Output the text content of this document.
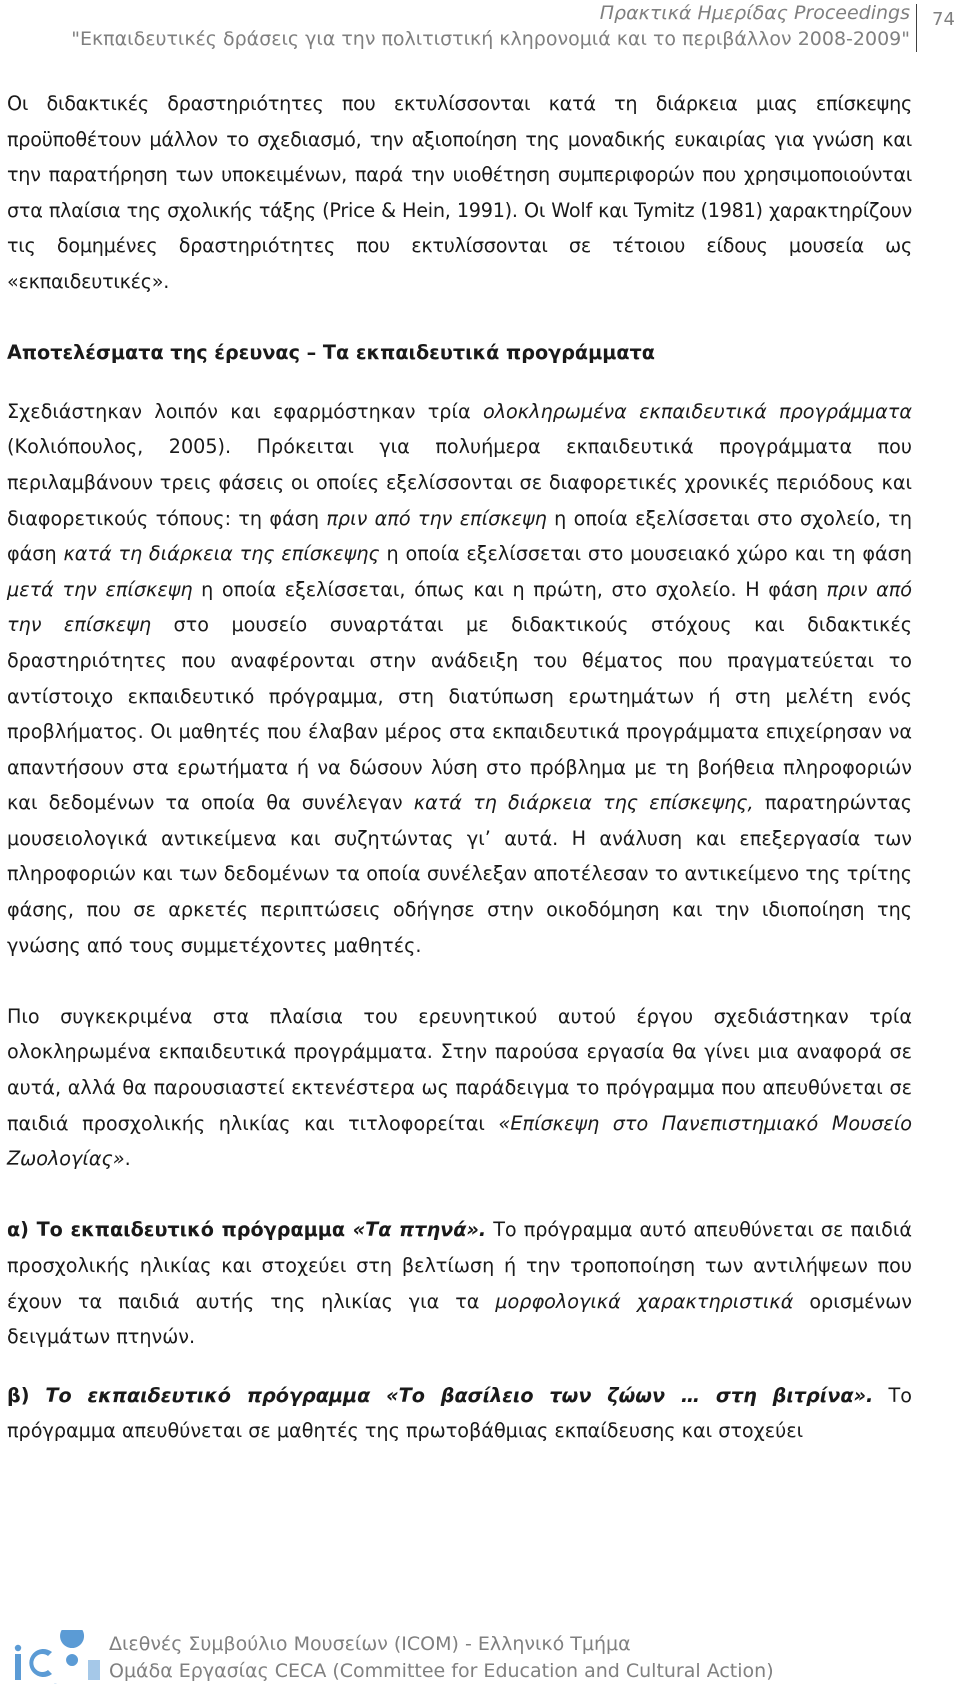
Πρακτικά Ημερίδας Proceedings
"Εκπαιδευτικές δράσεις για την πολιτιστική κληρονομιά και το περιβάλλον 2008-2009"
74

Οι διδακτικές δραστηριότητες που εκτυλίσσονται κατά τη διάρκεια μιας επίσκεψης προϋποθέτουν μάλλον το σχεδιασμό, την αξιοποίηση της μοναδικής ευκαιρίας για γνώση και την παρατήρηση των υποκειμένων, παρά την υιοθέτηση συμπεριφορών που χρησιμοποιούνται στα πλαίσια της σχολικής τάξης (Price & Hein, 1991). Οι Wolf και Tymitz (1981) χαρακτηρίζουν τις δομημένες δραστηριότητες που εκτυλίσσονται σε τέτοιου είδους μουσεία ως «εκπαιδευτικές».

Αποτελέσματα της έρευνας – Τα εκπαιδευτικά προγράμματα

Σχεδιάστηκαν λοιπόν και εφαρμόστηκαν τρία ολοκληρωμένα εκπαιδευτικά προγράμματα (Κολιόπουλος, 2005). Πρόκειται για πολυήμερα εκπαιδευτικά προγράμματα που περιλαμβάνουν τρεις φάσεις οι οποίες εξελίσσονται σε διαφορετικές χρονικές περιόδους και διαφορετικούς τόπους: τη φάση πριν από την επίσκεψη η οποία εξελίσσεται στο σχολείο, τη φάση κατά τη διάρκεια της επίσκεψης η οποία εξελίσσεται στο μουσειακό χώρο και τη φάση μετά την επίσκεψη η οποία εξελίσσεται, όπως και η πρώτη, στο σχολείο. Η φάση πριν από την επίσκεψη στο μουσείο συναρτάται με διδακτικούς στόχους και διδακτικές δραστηριότητες που αναφέρονται στην ανάδειξη του θέματος που πραγματεύεται το αντίστοιχο εκπαιδευτικό πρόγραμμα, στη διατύπωση ερωτημάτων ή στη μελέτη ενός προβλήματος. Οι μαθητές που έλαβαν μέρος στα εκπαιδευτικά προγράμματα επιχείρησαν να απαντήσουν στα ερωτήματα ή να δώσουν λύση στο πρόβλημα με τη βοήθεια πληροφοριών και δεδομένων τα οποία θα συνέλεγαν κατά τη διάρκεια της επίσκεψης, παρατηρώντας μουσειολογικά αντικείμενα και συζητώντας γι’ αυτά. Η ανάλυση και επεξεργασία των πληροφοριών και των δεδομένων τα οποία συνέλεξαν αποτέλεσαν το αντικείμενο της τρίτης φάσης, που σε αρκετές περιπτώσεις οδήγησε στην οικοδόμηση και την ιδιοποίηση της γνώσης από τους συμμετέχοντες μαθητές.

Πιο συγκεκριμένα στα πλαίσια του ερευνητικού αυτού έργου σχεδιάστηκαν τρία ολοκληρωμένα εκπαιδευτικά προγράμματα. Στην παρούσα εργασία θα γίνει μια αναφορά σε αυτά, αλλά θα παρουσιαστεί εκτενέστερα ως παράδειγμα το πρόγραμμα που απευθύνεται σε παιδιά προσχολικής ηλικίας και τιτλοφορείται «Επίσκεψη στο Πανεπιστημιακό Μουσείο Ζωολογίας».

α) Το εκπαιδευτικό πρόγραμμα «Τα πτηνά». Το πρόγραμμα αυτό απευθύνεται σε παιδιά προσχολικής ηλικίας και στοχεύει στη βελτίωση ή την τροποποίηση των αντιλήψεων που έχουν τα παιδιά αυτής της ηλικίας για τα μορφολογικά χαρακτηριστικά ορισμένων δειγμάτων πτηνών.

β) Το εκπαιδευτικό πρόγραμμα «Το βασίλειο των ζώων … στη βιτρίνα». Το πρόγραμμα απευθύνεται σε μαθητές της πρωτοβάθμιας εκπαίδευσης και στοχεύει

icom
Διεθνές Συμβούλιο Μουσείων (ICOM) - Ελληνικό Τμήμα
Ομάδα Εργασίας CECA (Committee for Education and Cultural Action)
